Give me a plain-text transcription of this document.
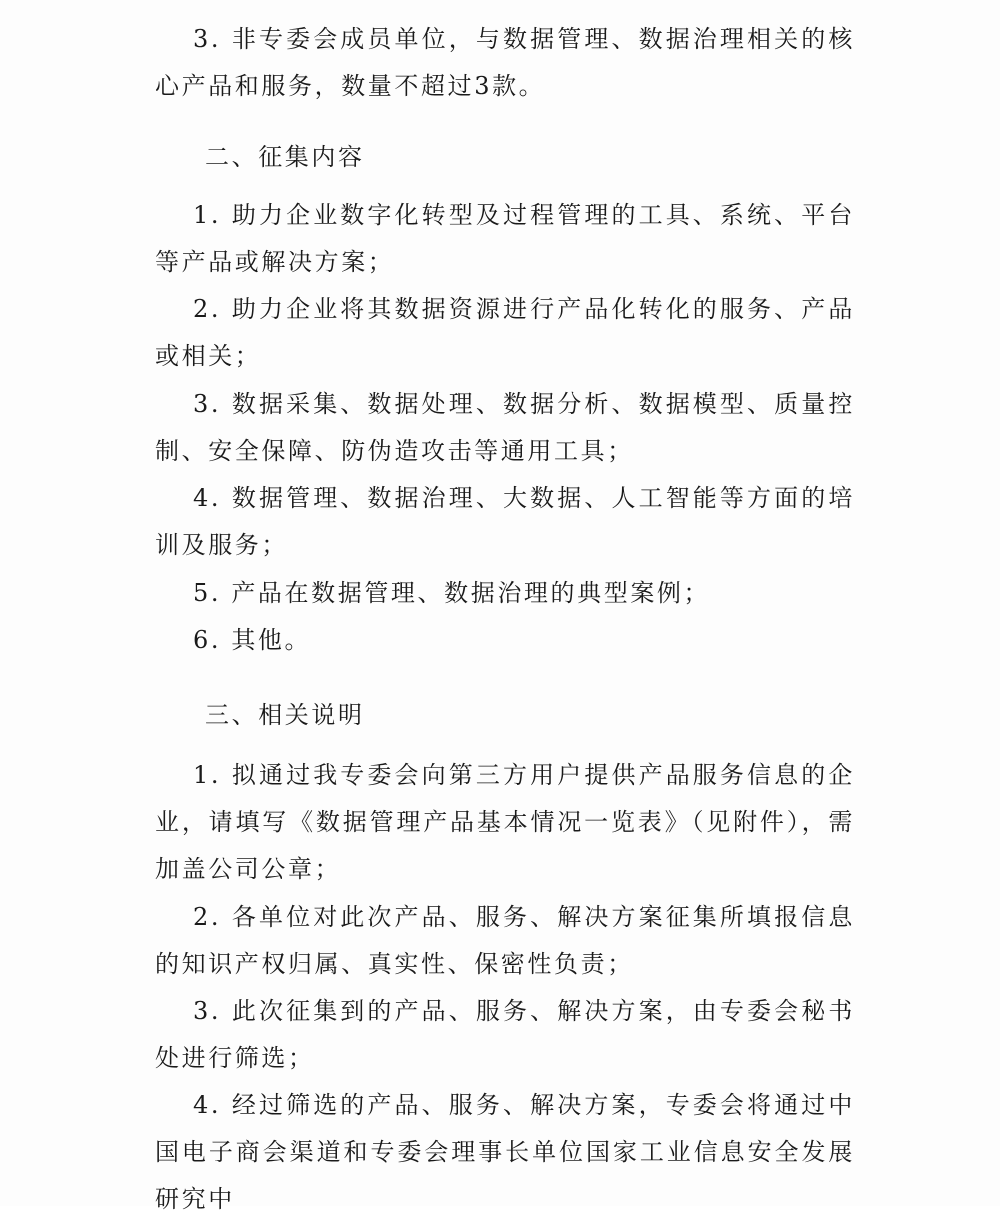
3. 非专委会成员单位，与数据管理、数据治理相关的核心产品和服务，数量不超过3款。

二、征集内容

1. 助力企业数字化转型及过程管理的工具、系统、平台等产品或解决方案；

2. 助力企业将其数据资源进行产品化转化的服务、产品或相关；

3. 数据采集、数据处理、数据分析、数据模型、质量控制、安全保障、防伪造攻击等通用工具；

4. 数据管理、数据治理、大数据、人工智能等方面的培训及服务；

5. 产品在数据管理、数据治理的典型案例；

6. 其他。

三、相关说明

1. 拟通过我专委会向第三方用户提供产品服务信息的企业，请填写《数据管理产品基本情况一览表》（见附件），需加盖公司公章；

2. 各单位对此次产品、服务、解决方案征集所填报信息的知识产权归属、真实性、保密性负责；

3. 此次征集到的产品、服务、解决方案，由专委会秘书处进行筛选；

4. 经过筛选的产品、服务、解决方案，专委会将通过中国电子商会渠道和专委会理事长单位国家工业信息安全发展研究中
